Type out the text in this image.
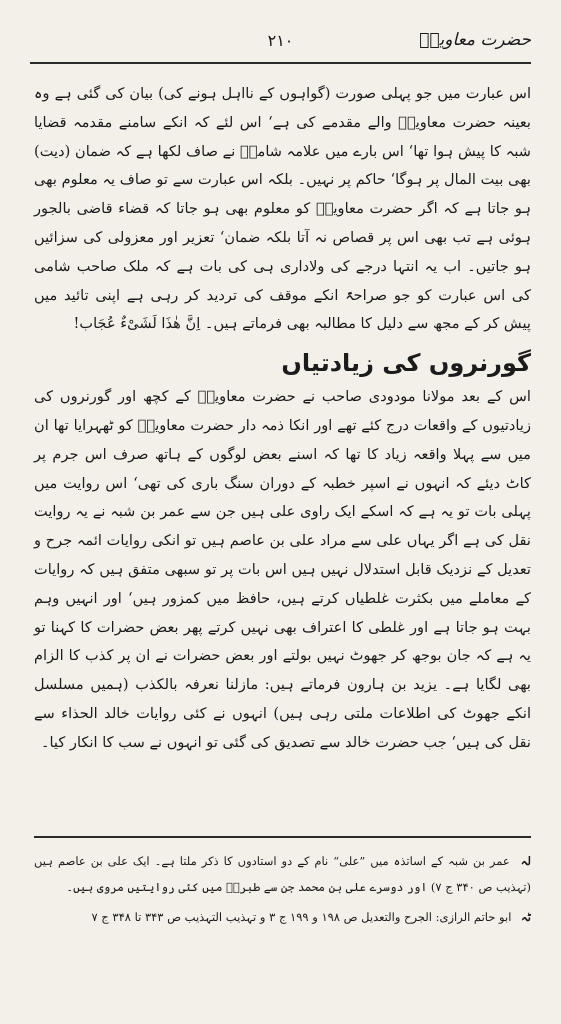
حضرت معاویہؓ
۲۱۰

اس عبارت میں جو پہلی صورت (گواہوں کے نااہل ہونے کی) بیان کی گئی ہے وہ بعینہ حضرت معاویہؓ والے مقدمے کی ہے‘ اس لئے کہ انکے سامنے مقدمہ قضایا شبہ کا پیش ہوا تھا‘ اس بارے میں علامہ شامیؒ نے صاف لکھا ہے کہ ضمان (دیت) بھی بیت المال پر ہوگا‘ حاکم پر نہیں۔ بلکہ اس عبارت سے تو صاف یہ معلوم بھی ہو جاتا ہے کہ اگر حضرت معاویہؓ کو معلوم بھی ہو جاتا کہ قضاء قاضی بالجور ہوئی ہے تب بھی اس پر قصاص نہ آتا بلکہ ضمان‘ تعزیر اور معزولی کی سزائیں ہو جاتیں۔ اب یہ انتہا درجے کی ولاداری ہی کی بات ہے کہ ملک صاحب شامی کی اس عبارت کو جو صراحۃً انکے موقف کی تردید کر رہی ہے اپنی تائید میں پیش کر کے مجھ سے دلیل کا مطالبہ بھی فرماتے ہیں۔ اِنَّ ھٰذَا لَشَیْءٌ عُجَاب!

گورنروں کی زیادتیاں

اس کے بعد مولانا مودودی صاحب نے حضرت معاویہؓ کے کچھ اور گورنروں کی زیادتیوں کے واقعات درج کئے تھے اور انکا ذمہ دار حضرت معاویہؓ کو ٹھہرایا تھا ان میں سے پہلا واقعہ زیاد کا تھا کہ اسنے بعض لوگوں کے ہاتھ صرف اس جرم پر کاٹ دیئے کہ انہوں نے اسپر خطبہ کے دوران سنگ باری کی تھی‘ اس روایت میں پہلی بات تو یہ ہے کہ اسکے ایک راوی علی ہیں جن سے عمر بن شبہ نے یہ روایت نقل کی ہے اگر یہاں علی سے مراد علی بن عاصم ہیں تو انکی روایات ائمہ جرح و تعدیل کے نزدیک قابل استدلال نہیں ہیں اس بات پر تو سبھی متفق ہیں کہ روایات کے معاملے میں بکثرت غلطیاں کرتے ہیں، حافظ میں کمزور ہیں‘ اور انہیں وہم بہت ہو جاتا ہے اور غلطی کا اعتراف بھی نہیں کرتے پھر بعض حضرات کا کہنا تو یہ ہے کہ جان بوجھ کر جھوٹ نہیں بولتے اور بعض حضرات نے ان پر کذب کا الزام بھی لگایا ہے۔ یزید بن ہارون فرماتے ہیں: مازلنا نعرفہ بالکذب (ہمیں مسلسل انکے جھوٹ کی اطلاعات ملتی رہی ہیں) انہوں نے کئی روایات خالد الحذاء سے نقل کی ہیں‘ جب حضرت خالد سے تصدیق کی گئی تو انہوں نے سب کا انکار کیا۔

لہ عمر بن شبہ کے اساتذہ میں ”علی“ نام کے دو استادوں کا ذکر ملتا ہے۔ ایک علی بن عاصم ہیں (تہذیب ص ۳۴۰ ج ۷) اور دوسرے علی بن محمد جن سے طبریؒ میں کئی روایتیں مروی ہیں۔

ٹہ ابو حاتم الرازی: الجرح والتعدیل ص ۱۹۸ و ۱۹۹ ج ۳ و تہذیب التہذیب ص ۳۴۳ تا ۳۴۸ ج ۷
